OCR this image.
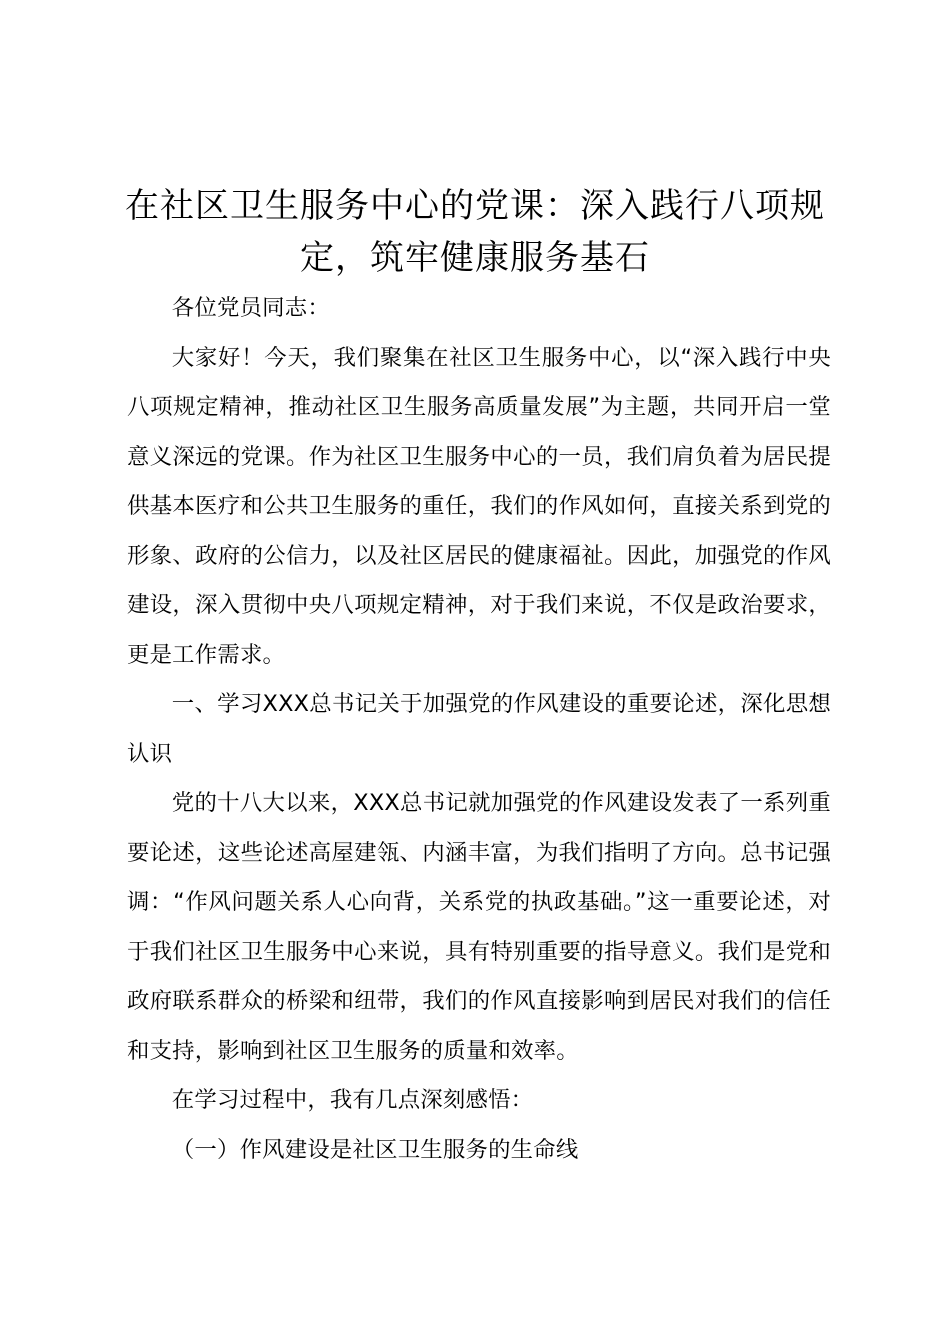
在社区卫生服务中心的党课：深入践行八项规定，筑牢健康服务基石

各位党员同志：

大家好！今天，我们聚集在社区卫生服务中心，以“深入践行中央八项规定精神，推动社区卫生服务高质量发展”为主题，共同开启一堂意义深远的党课。作为社区卫生服务中心的一员，我们肩负着为居民提供基本医疗和公共卫生服务的重任，我们的作风如何，直接关系到党的形象、政府的公信力，以及社区居民的健康福祉。因此，加强党的作风建设，深入贯彻中央八项规定精神，对于我们来说，不仅是政治要求，更是工作需求。

一、学习XXX总书记关于加强党的作风建设的重要论述，深化思想认识

党的十八大以来，XXX总书记就加强党的作风建设发表了一系列重要论述，这些论述高屋建瓴、内涵丰富，为我们指明了方向。总书记强调：“作风问题关系人心向背，关系党的执政基础。”这一重要论述，对于我们社区卫生服务中心来说，具有特别重要的指导意义。我们是党和政府联系群众的桥梁和纽带，我们的作风直接影响到居民对我们的信任和支持，影响到社区卫生服务的质量和效率。

在学习过程中，我有几点深刻感悟：

（一）作风建设是社区卫生服务的生命线
